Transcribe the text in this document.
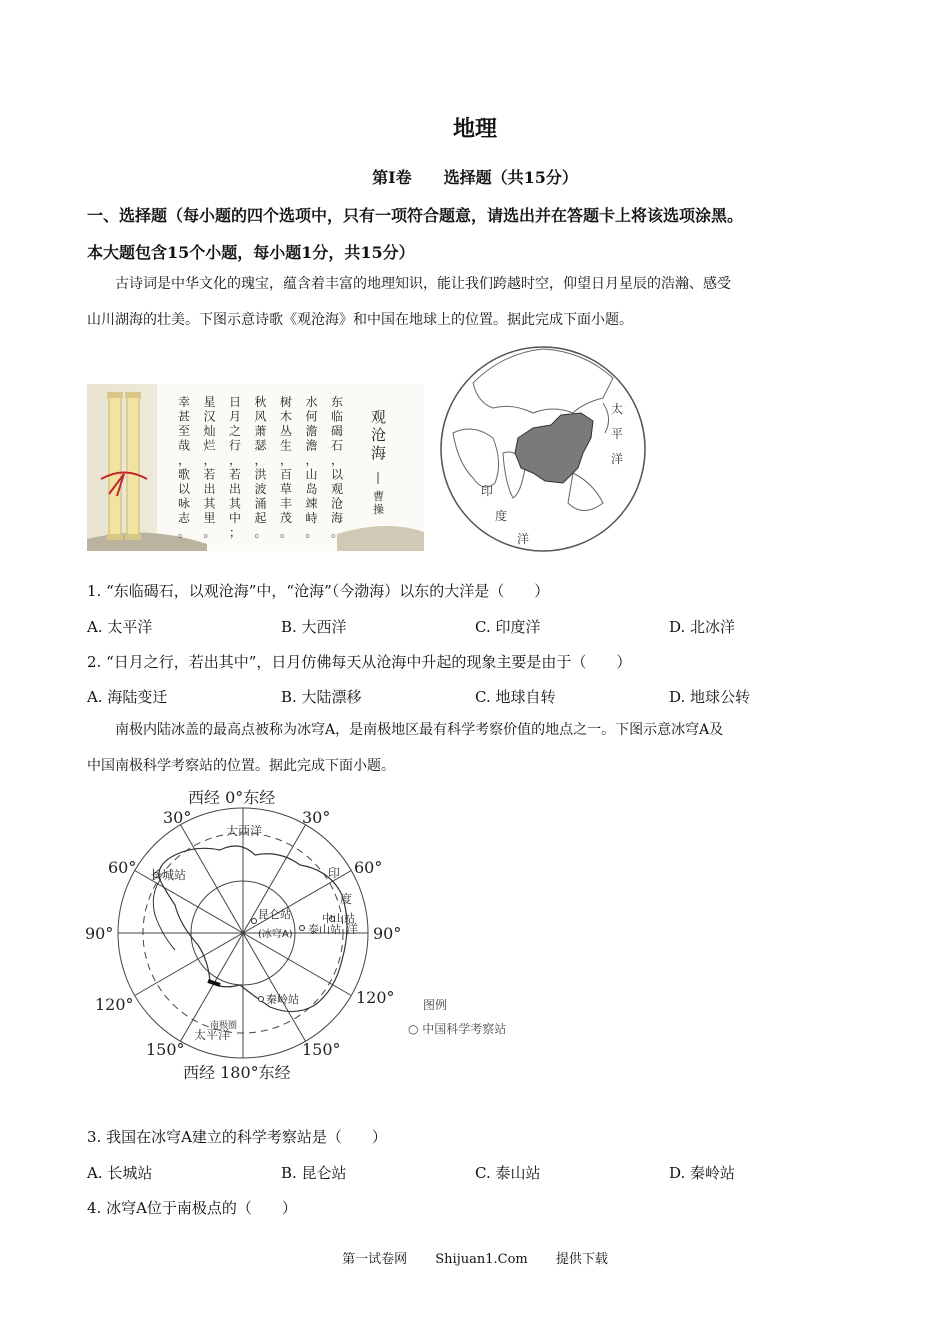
地理
第Ⅰ卷　　选择题（共15分）
一、选择题（每小题的四个选项中，只有一项符合题意，请选出并在答题卡上将该选项涂黑。
本大题包含15个小题，每小题1分，共15分）
古诗词是中华文化的瑰宝，蕴含着丰富的地理知识，能让我们跨越时空，仰望日月星辰的浩瀚、感受
山川湖海的壮美。下图示意诗歌《观沧海》和中国在地球上的位置。据此完成下面小题。
东
临
碣
石
，
以
观
沧
海
。
水
何
澹
澹
，
山
岛
竦
峙
。
树
木
丛
生
，
百
草
丰
茂
。
秋
风
萧
瑟
，
洪
波
涌
起
。
日
月
之
行
，
若
出
其
中
；
星
汉
灿
烂
，
若
出
其
里
。
幸
甚
至
哉
，
歌
以
咏
志
。
观
沧
海
曹
操
太
平
洋
印
度
洋
1. “东临碣石，以观沧海”中，“沧海”（今渤海）以东的大洋是（　　）
A. 太平洋	B. 大西洋	C. 印度洋	D. 北冰洋
2. “日月之行，若出其中”，日月仿佛每天从沧海中升起的现象主要是由于（　　）
A. 海陆变迁	B. 大陆漂移	C. 地球自转	D. 地球公转
南极内陆冰盖的最高点被称为冰穹A，是南极地区最有科学考察价值的地点之一。下图示意冰穹A及
中国南极科学考察站的位置。据此完成下面小题。
西经 0°东经
西经 180°东经
30°	30°
60°	60°
90°	90°
120°	120°
150°	150°
大西洋
太平洋
南极圈
印
度
洋
长城站
昆仑站
(冰穹A)
中山站
泰山站
秦岭站	图例
○ 中国科学考察站
3. 我国在冰穹A建立的科学考察站是（　　）
A. 长城站	B. 昆仑站	C. 泰山站	D. 秦岭站
4. 冰穹A位于南极点的（　　）
第一试卷网 Shijuan1.Com 提供下载
